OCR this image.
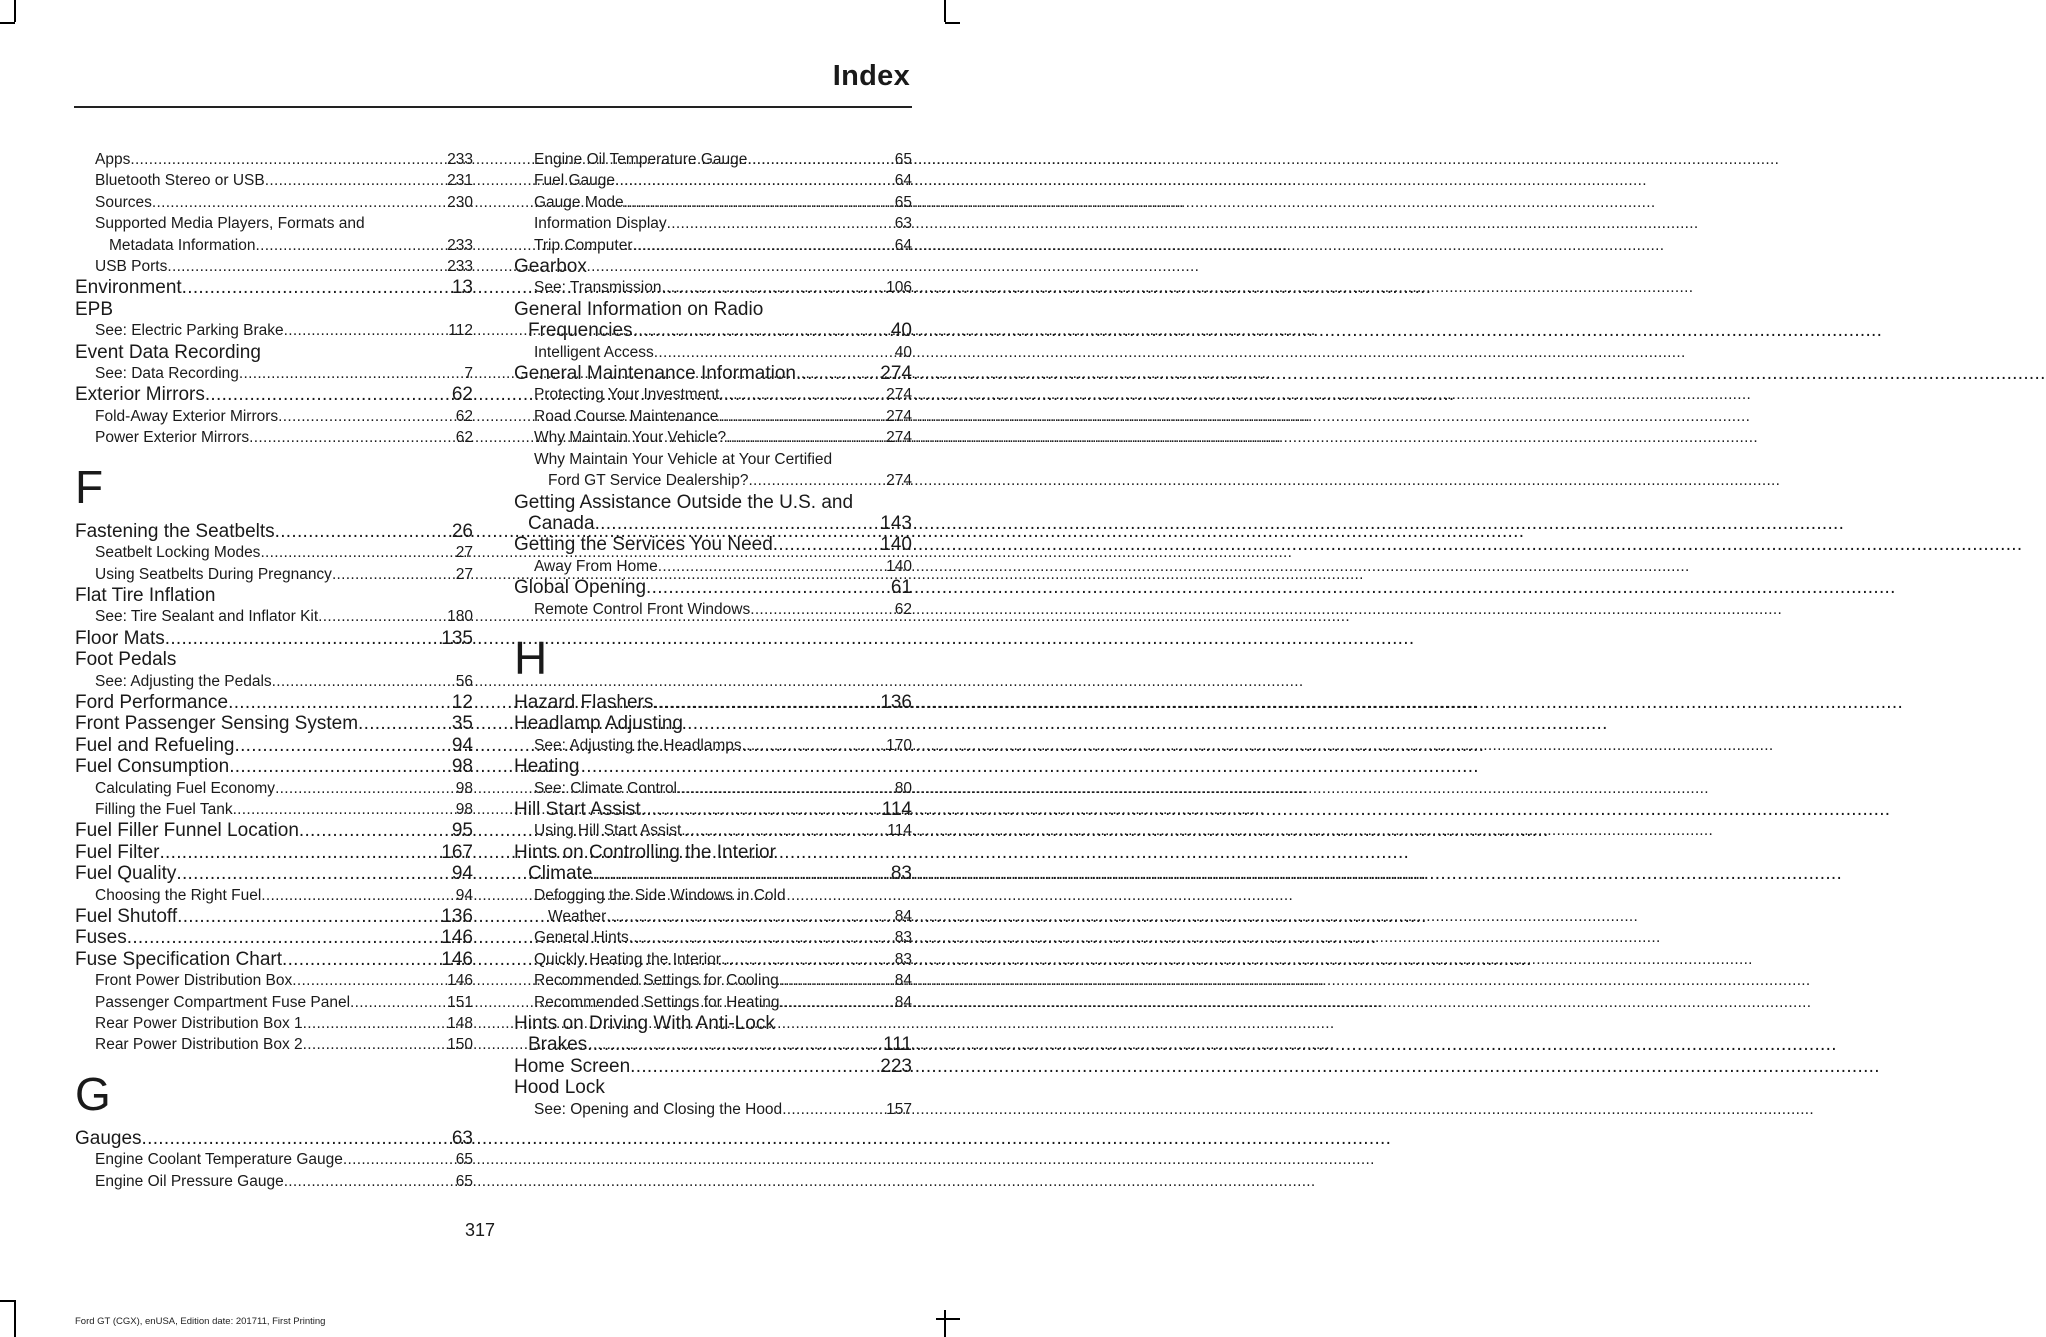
Index
Apps .....	233
Bluetooth Stereo or USB .....	231
Sources .....	230
Supported Media Players, Formats and
Metadata Information .....	233
USB Ports .....	233
Environment .....	13
EPB
See: Electric Parking Brake .....	112
Event Data Recording
See: Data Recording .....	7
Exterior Mirrors .....	62
Fold-Away Exterior Mirrors .....	62
Power Exterior Mirrors .....	62
F
Fastening the Seatbelts .....	26
Seatbelt Locking Modes .....	27
Using Seatbelts During Pregnancy .....	27
Flat Tire Inflation
See: Tire Sealant and Inflator Kit .....	180
Floor Mats .....	135
Foot Pedals
See: Adjusting the Pedals .....	56
Ford Performance .....	12
Front Passenger Sensing System .....	35
Fuel and Refueling .....	94
Fuel Consumption .....	98
Calculating Fuel Economy .....	98
Filling the Fuel Tank .....	98
Fuel Filler Funnel Location .....	95
Fuel Filter .....	167
Fuel Quality .....	94
Choosing the Right Fuel .....	94
Fuel Shutoff .....	136
Fuses .....	146
Fuse Specification Chart .....	146
Front Power Distribution Box .....	146
Passenger Compartment Fuse Panel .....	151
Rear Power Distribution Box 1 .....	148
Rear Power Distribution Box 2 .....	150
G
Gauges .....	63
Engine Coolant Temperature Gauge .....	65
Engine Oil Pressure Gauge .....	65
Engine Oil Temperature Gauge .....	65
Fuel Gauge .....	64
Gauge Mode .....	65
Information Display .....	63
Trip Computer .....	64
Gearbox
See: Transmission .....	106
General Information on Radio
Frequencies .....	40
Intelligent Access .....	40
General Maintenance Information .....	274
Protecting Your Investment .....	274
Road Course Maintenance .....	274
Why Maintain Your Vehicle? .....	274
Why Maintain Your Vehicle at Your Certified
Ford GT Service Dealership? .....	274
Getting Assistance Outside the U.S. and
Canada .....	143
Getting the Services You Need .....	140
Away From Home .....	140
Global Opening .....	61
Remote Control Front Windows .....	62
H
Hazard Flashers .....	136
Headlamp Adjusting
See: Adjusting the Headlamps .....	170
Heating
See: Climate Control .....	80
Hill Start Assist .....	114
Using Hill Start Assist .....	114
Hints on Controlling the Interior
Climate .....	83
Defogging the Side Windows in Cold
Weather .....	84
General Hints .....	83
Quickly Heating the Interior .....	83
Recommended Settings for Cooling .....	84
Recommended Settings for Heating .....	84
Hints on Driving With Anti-Lock
Brakes .....	111
Home Screen .....	223
Hood Lock
See: Opening and Closing the Hood .....	157
317
Ford GT (CGX), enUSA, Edition date: 201711, First Printing
